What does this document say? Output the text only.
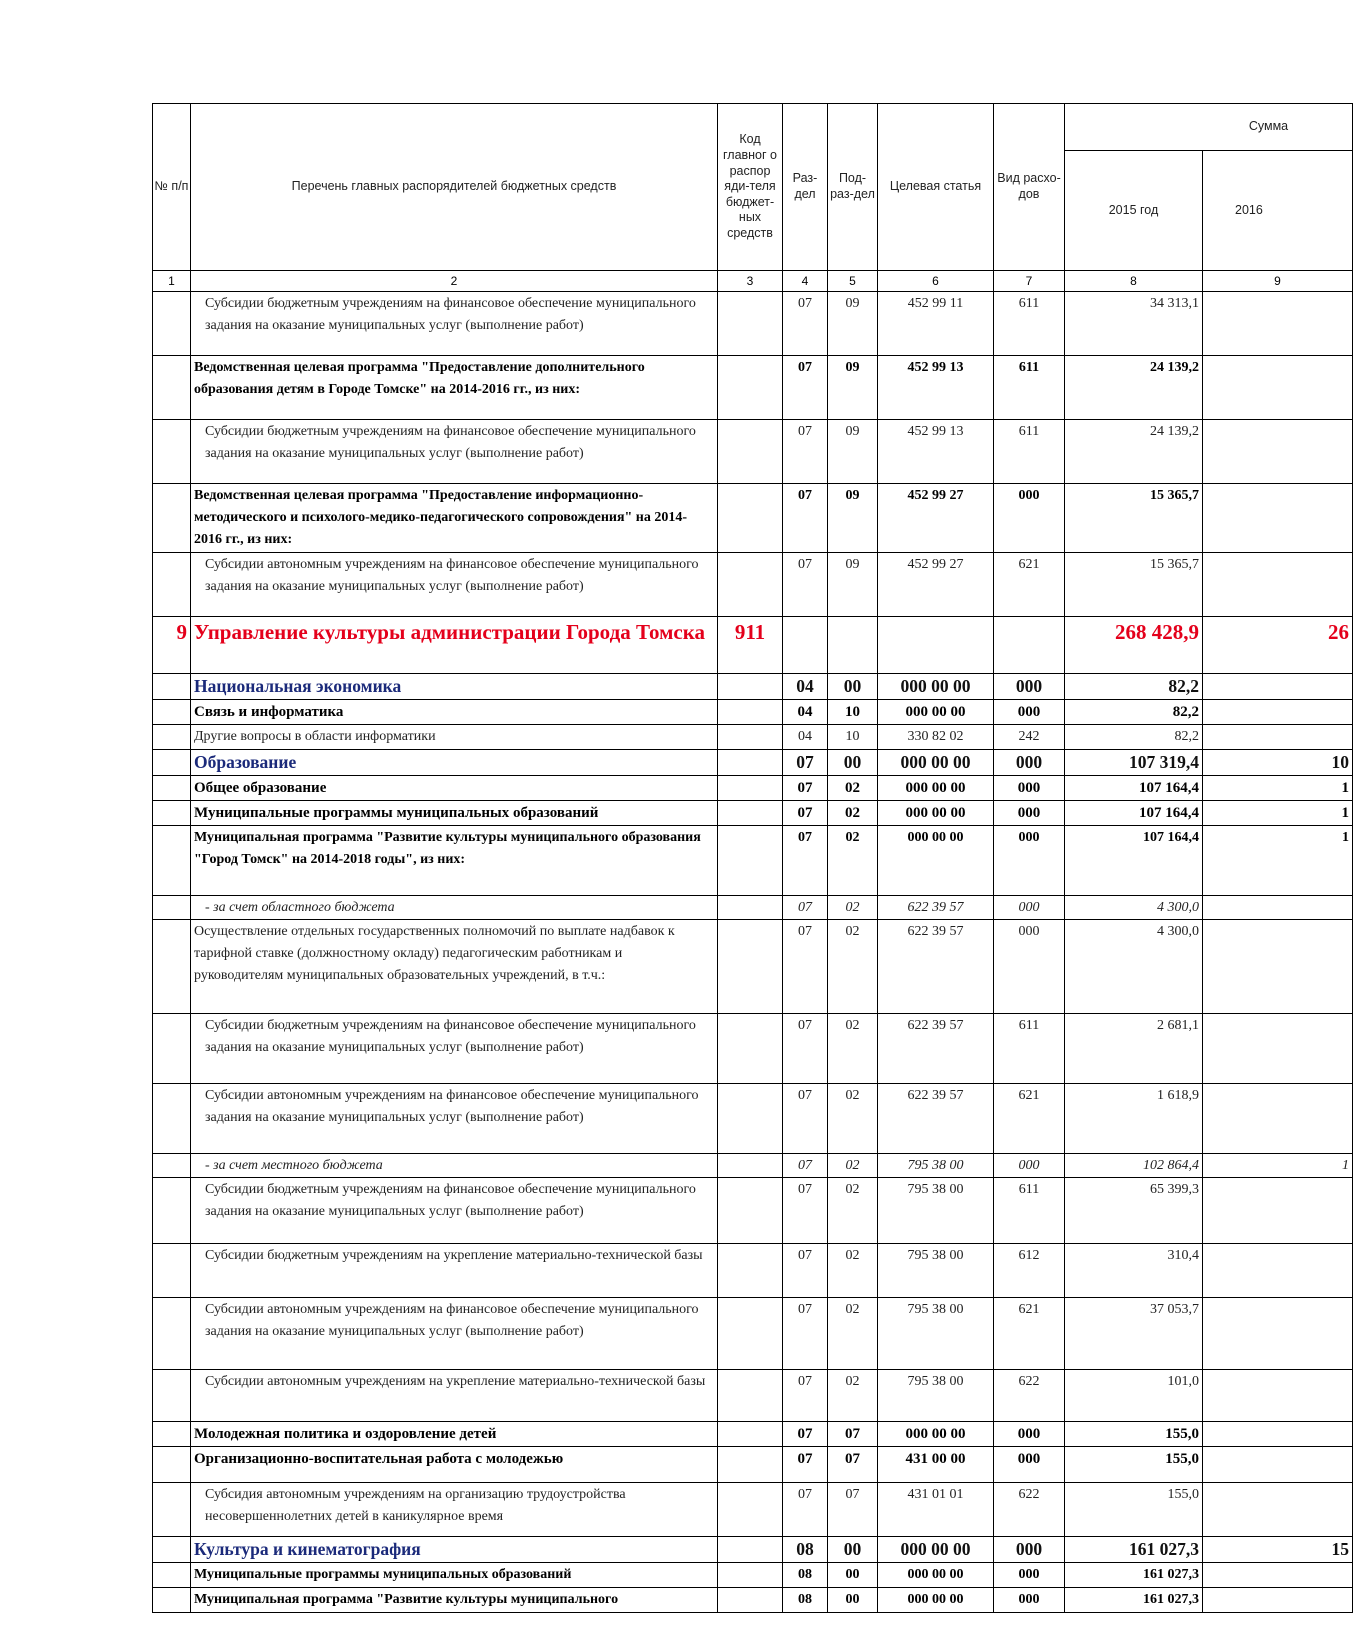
№ п/п	Перечень главных распорядителей бюджетных средств	Код главног о распор яди-теля бюджет-ных средств	Раз-дел	Под-раз-дел	Целевая статья	Вид расхо-дов	Сумма	
							2015 год	2016
1	2	3	4	5	6	7	8	9
	Субсидии бюджетным учреждениям на финансовое обеспечение муниципального задания на оказание муниципальных услуг (выполнение работ)		07	09	452 99 11	611	34 313,1	
	Ведомственная целевая программа "Предоставление дополнительного образования детям в Городе Томске" на 2014-2016 гг., из них:		07	09	452 99 13	611	24 139,2	
	Субсидии бюджетным учреждениям на финансовое обеспечение муниципального задания на оказание муниципальных услуг (выполнение работ)		07	09	452 99 13	611	24 139,2	
	Ведомственная целевая программа "Предоставление информационно-методического и психолого-медико-педагогического сопровождения" на 2014-2016 гг., из них:		07	09	452 99 27	000	15 365,7	
	Субсидии автономным учреждениям на финансовое обеспечение муниципального задания на оказание муниципальных услуг (выполнение работ)		07	09	452 99 27	621	15 365,7	
9	Управление культуры администрации Города Томска	911					268 428,9	26
	Национальная экономика		04	00	000 00 00	000	82,2	
	Связь и информатика		04	10	000 00 00	000	82,2	
	Другие вопросы в области информатики		04	10	330 82 02	242	82,2	
	Образование		07	00	000 00 00	000	107 319,4	10
	Общее образование		07	02	000 00 00	000	107 164,4	1
	Муниципальные программы муниципальных образований		07	02	000 00 00	000	107 164,4	1
	Муниципальная программа "Развитие культуры муниципального образования "Город Томск" на 2014-2018 годы", из них:		07	02	000 00 00	000	107 164,4	1
	- за счет областного бюджета		07	02	622 39 57	000	4 300,0	
	Осуществление отдельных государственных полномочий по выплате надбавок к тарифной ставке (должностному окладу) педагогическим работникам и руководителям муниципальных образовательных учреждений, в т.ч.:		07	02	622 39 57	000	4 300,0	
	Субсидии бюджетным учреждениям на финансовое обеспечение муниципального задания на оказание муниципальных услуг (выполнение работ)		07	02	622 39 57	611	2 681,1	
	Субсидии автономным учреждениям на финансовое обеспечение муниципального задания на оказание муниципальных услуг (выполнение работ)		07	02	622 39 57	621	1 618,9	
	- за счет местного бюджета		07	02	795 38 00	000	102 864,4	1
	Субсидии бюджетным учреждениям на финансовое обеспечение муниципального задания на оказание муниципальных услуг (выполнение работ)		07	02	795 38 00	611	65 399,3	
	Субсидии бюджетным учреждениям на укрепление материально-технической базы		07	02	795 38 00	612	310,4	
	Субсидии автономным учреждениям на финансовое обеспечение муниципального задания на оказание муниципальных услуг (выполнение работ)		07	02	795 38 00	621	37 053,7	
	Субсидии автономным учреждениям на укрепление материально-технической базы		07	02	795 38 00	622	101,0	
	Молодежная политика и оздоровление детей		07	07	000 00 00	000	155,0	
	Организационно-воспитательная работа с молодежью		07	07	431 00 00	000	155,0	
	Субсидия автономным учреждениям на организацию трудоустройства несовершеннолетних детей в каникулярное время		07	07	431 01 01	622	155,0	
	Культура и кинематография		08	00	000 00 00	000	161 027,3	15
	Муниципальные программы муниципальных образований		08	00	000 00 00	000	161 027,3	
	Муниципальная программа "Развитие культуры муниципального		08	00	000 00 00	000	161 027,3	
